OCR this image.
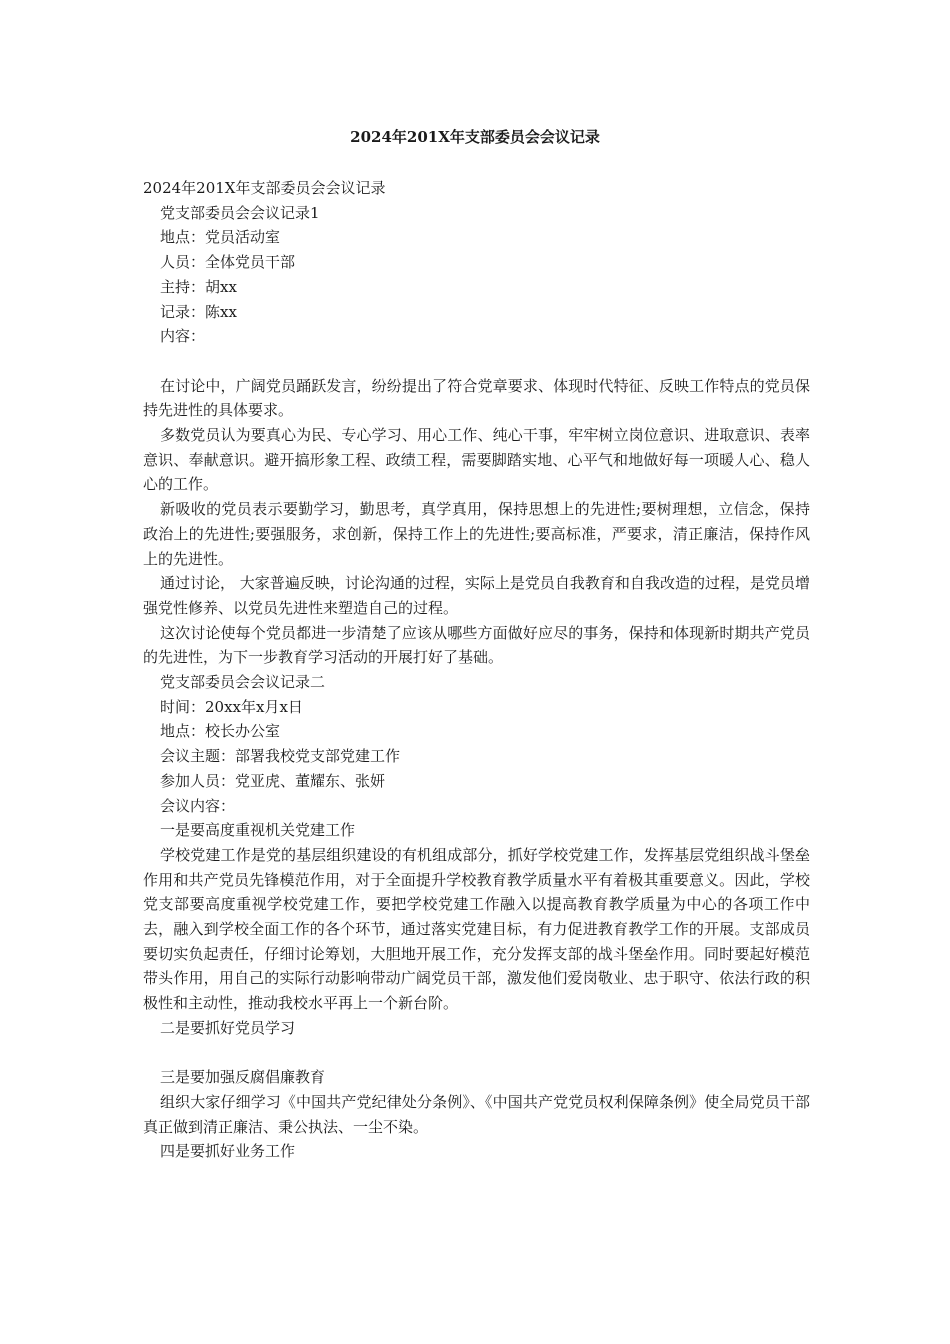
2024年201X年支部委员会会议记录

2024年201X年支部委员会会议记录

党支部委员会会议记录1

地点：党员活动室

人员：全体党员干部

主持：胡xx

记录：陈xx

内容：

在讨论中，广阔党员踊跃发言，纷纷提出了符合党章要求、体现时代特征、反映工作特点的党员保持先进性的具体要求。

多数党员认为要真心为民、专心学习、用心工作、纯心干事，牢牢树立岗位意识、进取意识、表率意识、奉献意识。避开搞形象工程、政绩工程，需要脚踏实地、心平气和地做好每一项暖人心、稳人心的工作。

新吸收的党员表示要勤学习，勤思考，真学真用，保持思想上的先进性;要树理想，立信念，保持政治上的先进性;要强服务，求创新，保持工作上的先进性;要高标准，严要求，清正廉洁，保持作风上的先进性。

通过讨论， 大家普遍反映，讨论沟通的过程，实际上是党员自我教育和自我改造的过程，是党员增强党性修养、以党员先进性来塑造自己的过程。

这次讨论使每个党员都进一步清楚了应该从哪些方面做好应尽的事务，保持和体现新时期共产党员的先进性，为下一步教育学习活动的开展打好了基础。

党支部委员会会议记录二

时间：20xx年x月x日

地点：校长办公室

会议主题：部署我校党支部党建工作

参加人员：党亚虎、董耀东、张妍

会议内容：

一是要高度重视机关党建工作

学校党建工作是党的基层组织建设的有机组成部分，抓好学校党建工作，发挥基层党组织战斗堡垒作用和共产党员先锋模范作用，对于全面提升学校教育教学质量水平有着极其重要意义。因此，学校党支部要高度重视学校党建工作，要把学校党建工作融入以提高教育教学质量为中心的各项工作中去，融入到学校全面工作的各个环节，通过落实党建目标，有力促进教育教学工作的开展。支部成员要切实负起责任，仔细讨论筹划，大胆地开展工作，充分发挥支部的战斗堡垒作用。同时要起好模范带头作用，用自己的实际行动影响带动广阔党员干部，激发他们爱岗敬业、忠于职守、依法行政的积极性和主动性，推动我校水平再上一个新台阶。

二是要抓好党员学习

三是要加强反腐倡廉教育

组织大家仔细学习《中国共产党纪律处分条例》、《中国共产党党员权利保障条例》使全局党员干部真正做到清正廉洁、秉公执法、一尘不染。

四是要抓好业务工作
